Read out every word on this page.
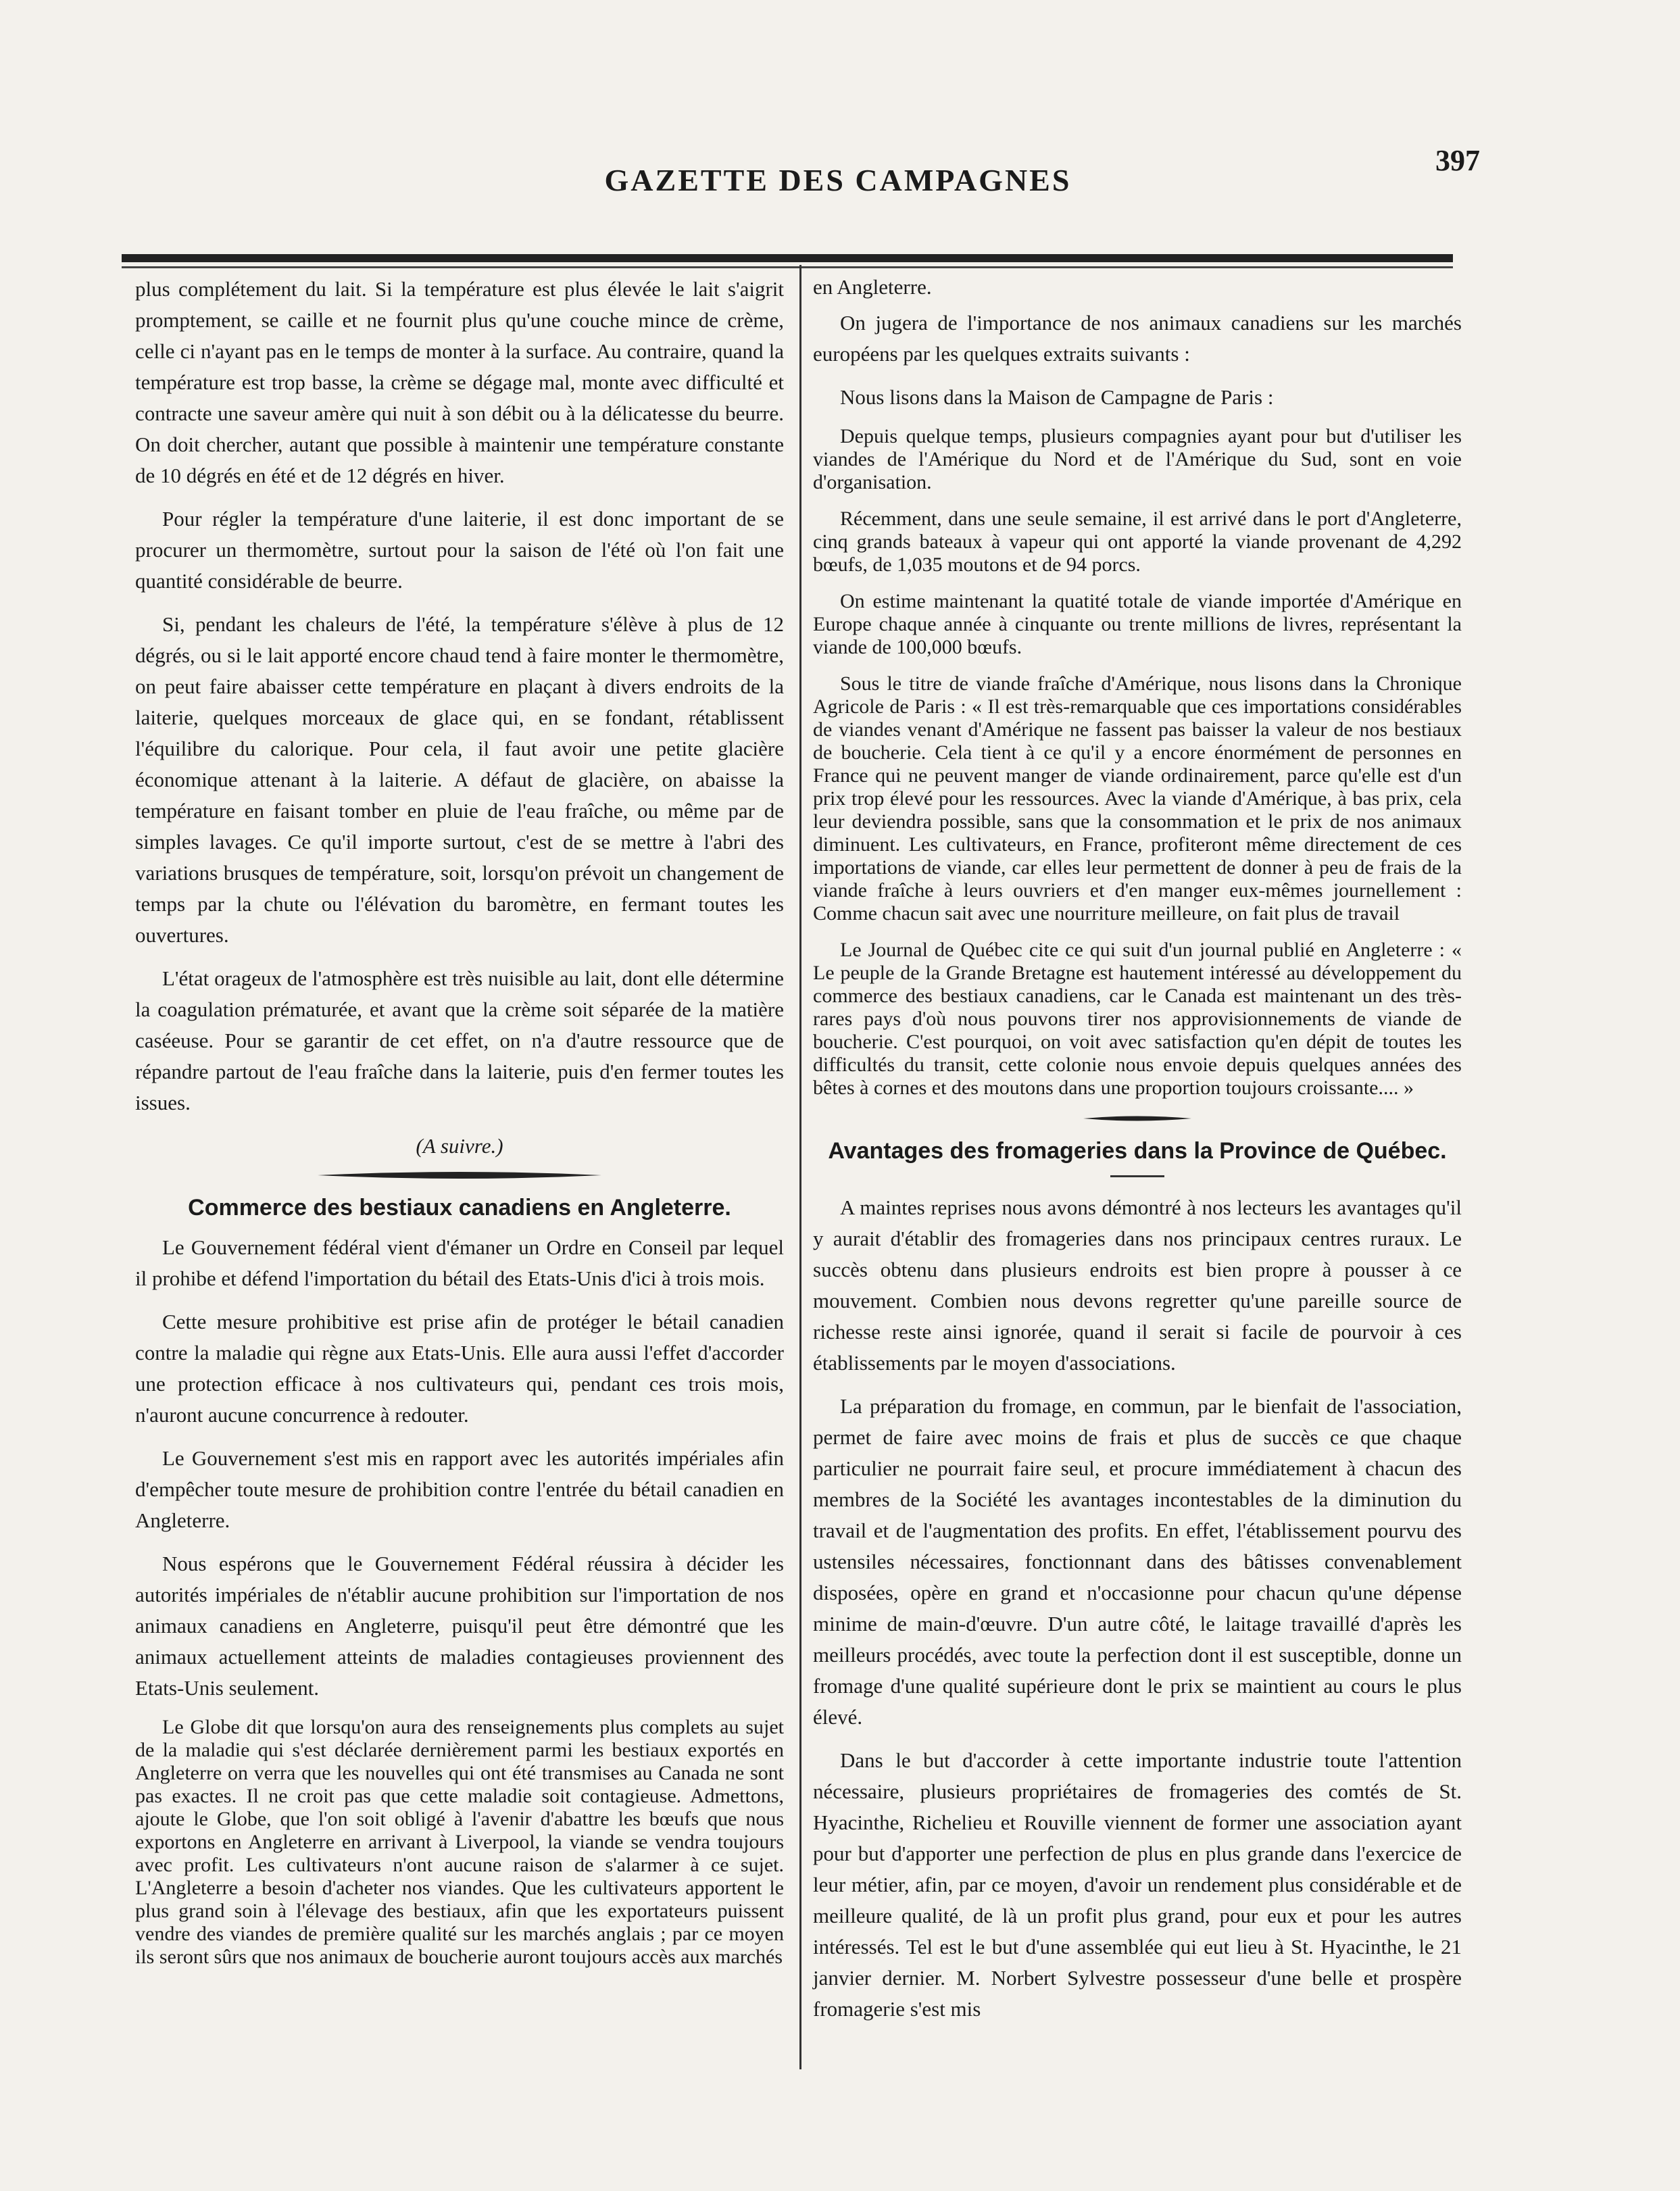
GAZETTE DES CAMPAGNES
397

plus complétement du lait. Si la température est plus élevée le lait s'aigrit promptement, se caille et ne fournit plus qu'une couche mince de crème, celle ci n'ayant pas en le temps de monter à la surface. Au contraire, quand la température est trop basse, la crème se dégage mal, monte avec difficulté et contracte une saveur amère qui nuit à son débit ou à la délicatesse du beurre. On doit chercher, autant que possible à maintenir une température constante de 10 dégrés en été et de 12 dégrés en hiver.

Pour régler la température d'une laiterie, il est donc important de se procurer un thermomètre, surtout pour la saison de l'été où l'on fait une quantité considérable de beurre.

Si, pendant les chaleurs de l'été, la température s'élève à plus de 12 dégrés, ou si le lait apporté encore chaud tend à faire monter le thermomètre, on peut faire abaisser cette température en plaçant à divers endroits de la laiterie, quelques morceaux de glace qui, en se fondant, rétablissent l'équilibre du calorique. Pour cela, il faut avoir une petite glacière économique attenant à la laiterie. A défaut de glacière, on abaisse la température en faisant tomber en pluie de l'eau fraîche, ou même par de simples lavages. Ce qu'il importe surtout, c'est de se mettre à l'abri des variations brusques de température, soit, lorsqu'on prévoit un changement de temps par la chute ou l'élévation du baromètre, en fermant toutes les ouvertures.

L'état orageux de l'atmosphère est très nuisible au lait, dont elle détermine la coagulation prématurée, et avant que la crème soit séparée de la matière caséeuse. Pour se garantir de cet effet, on n'a d'autre ressource que de répandre partout de l'eau fraîche dans la laiterie, puis d'en fermer toutes les issues.

(A suivre.)

Commerce des bestiaux canadiens en Angleterre.

Le Gouvernement fédéral vient d'émaner un Ordre en Conseil par lequel il prohibe et défend l'importation du bétail des Etats-Unis d'ici à trois mois.

Cette mesure prohibitive est prise afin de protéger le bétail canadien contre la maladie qui règne aux Etats-Unis. Elle aura aussi l'effet d'accorder une protection efficace à nos cultivateurs qui, pendant ces trois mois, n'auront aucune concurrence à redouter.

Le Gouvernement s'est mis en rapport avec les autorités impériales afin d'empêcher toute mesure de prohibition contre l'entrée du bétail canadien en Angleterre.

Nous espérons que le Gouvernement Fédéral réussira à décider les autorités impériales de n'établir aucune prohibition sur l'importation de nos animaux canadiens en Angleterre, puisqu'il peut être démontré que les animaux actuellement atteints de maladies contagieuses proviennent des Etats-Unis seulement.

Le Globe dit que lorsqu'on aura des renseignements plus complets au sujet de la maladie qui s'est déclarée dernièrement parmi les bestiaux exportés en Angleterre on verra que les nouvelles qui ont été transmises au Canada ne sont pas exactes. Il ne croit pas que cette maladie soit contagieuse. Admettons, ajoute le Globe, que l'on soit obligé à l'avenir d'abattre les bœufs que nous exportons en Angleterre en arrivant à Liverpool, la viande se vendra toujours avec profit. Les cultivateurs n'ont aucune raison de s'alarmer à ce sujet. L'Angleterre a besoin d'acheter nos viandes. Que les cultivateurs apportent le plus grand soin à l'élevage des bestiaux, afin que les exportateurs puissent vendre des viandes de première qualité sur les marchés anglais ; par ce moyen ils seront sûrs que nos animaux de boucherie auront toujours accès aux marchés

en Angleterre.

On jugera de l'importance de nos animaux canadiens sur les marchés européens par les quelques extraits suivants :

Nous lisons dans la Maison de Campagne de Paris :

Depuis quelque temps, plusieurs compagnies ayant pour but d'utiliser les viandes de l'Amérique du Nord et de l'Amérique du Sud, sont en voie d'organisation.

Récemment, dans une seule semaine, il est arrivé dans le port d'Angleterre, cinq grands bateaux à vapeur qui ont apporté la viande provenant de 4,292 bœufs, de 1,035 moutons et de 94 porcs.

On estime maintenant la quatité totale de viande importée d'Amérique en Europe chaque année à cinquante ou trente millions de livres, représentant la viande de 100,000 bœufs.

Sous le titre de viande fraîche d'Amérique, nous lisons dans la Chronique Agricole de Paris : « Il est très-remarquable que ces importations considérables de viandes venant d'Amérique ne fassent pas baisser la valeur de nos bestiaux de boucherie. Cela tient à ce qu'il y a encore énormément de personnes en France qui ne peuvent manger de viande ordinairement, parce qu'elle est d'un prix trop élevé pour les ressources. Avec la viande d'Amérique, à bas prix, cela leur deviendra possible, sans que la consommation et le prix de nos animaux diminuent. Les cultivateurs, en France, profiteront même directement de ces importations de viande, car elles leur permettent de donner à peu de frais de la viande fraîche à leurs ouvriers et d'en manger eux-mêmes journellement : Comme chacun sait avec une nourriture meilleure, on fait plus de travail

Le Journal de Québec cite ce qui suit d'un journal publié en Angleterre : « Le peuple de la Grande Bretagne est hautement intéressé au développement du commerce des bestiaux canadiens, car le Canada est maintenant un des très-rares pays d'où nous pouvons tirer nos approvisionnements de viande de boucherie. C'est pourquoi, on voit avec satisfaction qu'en dépit de toutes les difficultés du transit, cette colonie nous envoie depuis quelques années des bêtes à cornes et des moutons dans une proportion toujours croissante.... »

Avantages des fromageries dans la Province de Québec.

A maintes reprises nous avons démontré à nos lecteurs les avantages qu'il y aurait d'établir des fromageries dans nos principaux centres ruraux. Le succès obtenu dans plusieurs endroits est bien propre à pousser à ce mouvement. Combien nous devons regretter qu'une pareille source de richesse reste ainsi ignorée, quand il serait si facile de pourvoir à ces établissements par le moyen d'associations.

La préparation du fromage, en commun, par le bienfait de l'association, permet de faire avec moins de frais et plus de succès ce que chaque particulier ne pourrait faire seul, et procure immédiatement à chacun des membres de la Société les avantages incontestables de la diminution du travail et de l'augmentation des profits. En effet, l'établissement pourvu des ustensiles nécessaires, fonctionnant dans des bâtisses convenablement disposées, opère en grand et n'occasionne pour chacun qu'une dépense minime de main-d'œuvre. D'un autre côté, le laitage travaillé d'après les meilleurs procédés, avec toute la perfection dont il est susceptible, donne un fromage d'une qualité supérieure dont le prix se maintient au cours le plus élevé.

Dans le but d'accorder à cette importante industrie toute l'attention nécessaire, plusieurs propriétaires de fromageries des comtés de St. Hyacinthe, Richelieu et Rouville viennent de former une association ayant pour but d'apporter une perfection de plus en plus grande dans l'exercice de leur métier, afin, par ce moyen, d'avoir un rendement plus considérable et de meilleure qualité, de là un profit plus grand, pour eux et pour les autres intéressés. Tel est le but d'une assemblée qui eut lieu à St. Hyacinthe, le 21 janvier dernier. M. Norbert Sylvestre possesseur d'une belle et prospère fromagerie s'est mis
